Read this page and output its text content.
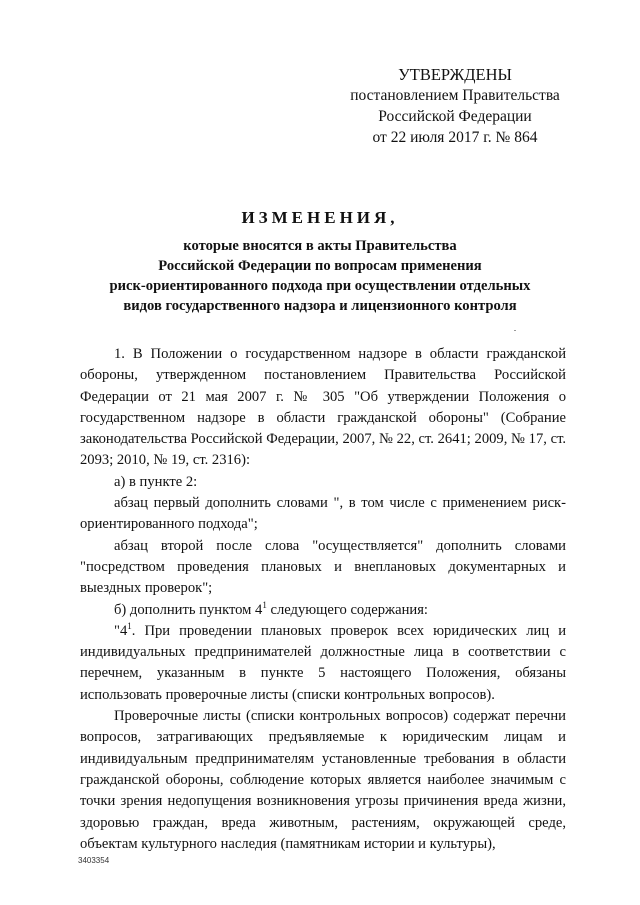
УТВЕРЖДЕНЫ
постановлением Правительства
Российской Федерации
от 22 июля 2017 г. № 864
ИЗМЕНЕНИЯ,
которые вносятся в акты Правительства
Российской Федерации по вопросам применения
риск-ориентированного подхода при осуществлении отдельных
видов государственного надзора и лицензионного контроля

1. В Положении о государственном надзоре в области гражданской обороны, утвержденном постановлением Правительства Российской Федерации от 21 мая 2007 г. № 305 "Об утверждении Положения о государственном надзоре в области гражданской обороны" (Собрание законодательства Российской Федерации, 2007, № 22, ст. 2641; 2009, № 17, ст. 2093; 2010, № 19, ст. 2316):

а) в пункте 2:

абзац первый дополнить словами ", в том числе с применением риск-ориентированного подхода";

абзац второй после слова "осуществляется" дополнить словами "посредством проведения плановых и внеплановых документарных и выездных проверок";

б) дополнить пунктом $4^1$ следующего содержания:

"$4^1$. При проведении плановых проверок всех юридических лиц и индивидуальных предпринимателей должностные лица в соответствии с перечнем, указанным в пункте 5 настоящего Положения, обязаны использовать проверочные листы (списки контрольных вопросов).

Проверочные листы (списки контрольных вопросов) содержат перечни вопросов, затрагивающих предъявляемые к юридическим лицам и индивидуальным предпринимателям установленные требования в области гражданской обороны, соблюдение которых является наиболее значимым с точки зрения недопущения возникновения угрозы причинения вреда жизни, здоровью граждан, вреда животным, растениям, окружающей среде, объектам культурного наследия (памятникам истории и культуры),

3403354
